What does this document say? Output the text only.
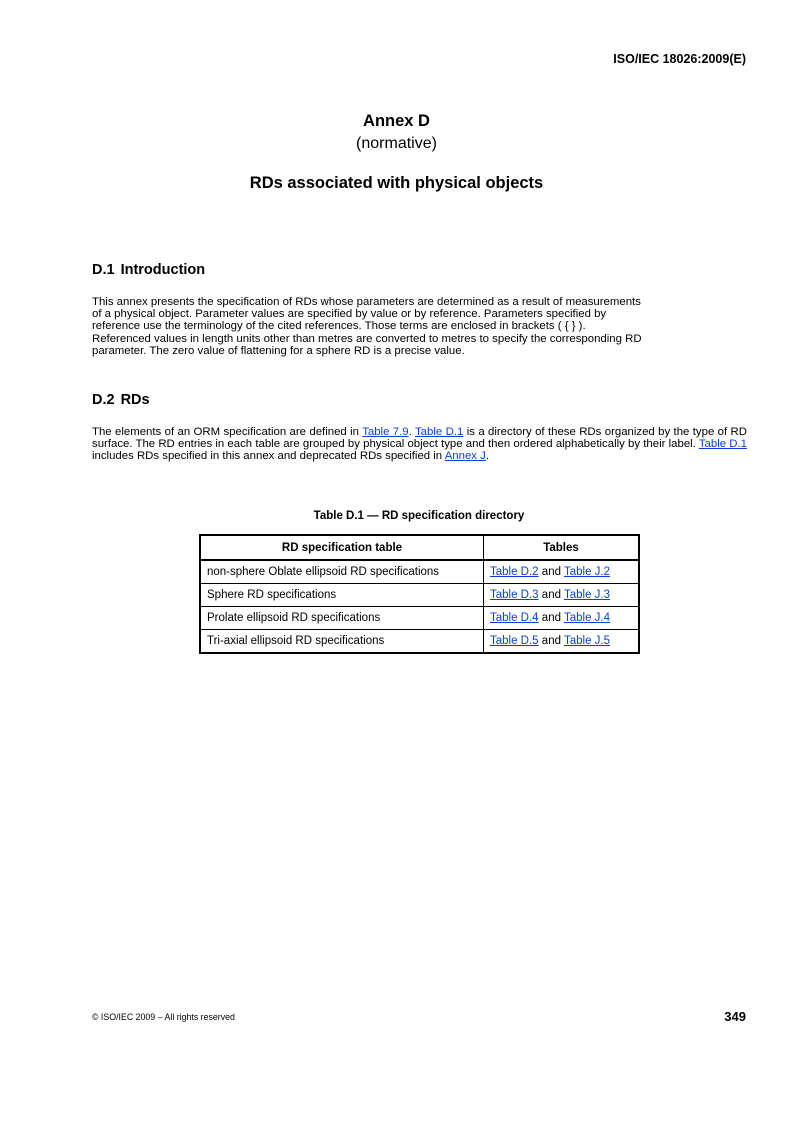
ISO/IEC 18026:2009(E)
Annex D
(normative)
RDs associated with physical objects
D.1 Introduction
This annex presents the specification of RDs whose parameters are determined as a result of measurements
of a physical object. Parameter values are specified by value or by reference. Parameters specified by
reference use the terminology of the cited references. Those terms are enclosed in brackets ( { } ).
Referenced values in length units other than metres are converted to metres to specify the corresponding RD
parameter. The zero value of flattening for a sphere RD is a precise value.
D.2 RDs
The elements of an ORM specification are defined in Table 7.9. Table D.1 is a directory of these RDs organized by the type of RD surface. The RD entries in each table are grouped by physical object type and then ordered alphabetically by their label. Table D.1 includes RDs specified in this annex and deprecated RDs specified in Annex J.
Table D.1 — RD specification directory
RD specification table	Tables
non-sphere Oblate ellipsoid RD specifications	Table D.2 and Table J.2
Sphere RD specifications	Table D.3 and Table J.3
Prolate ellipsoid RD specifications	Table D.4 and Table J.4
Tri-axial ellipsoid RD specifications	Table D.5 and Table J.5
© ISO/IEC 2009 – All rights reserved	349
